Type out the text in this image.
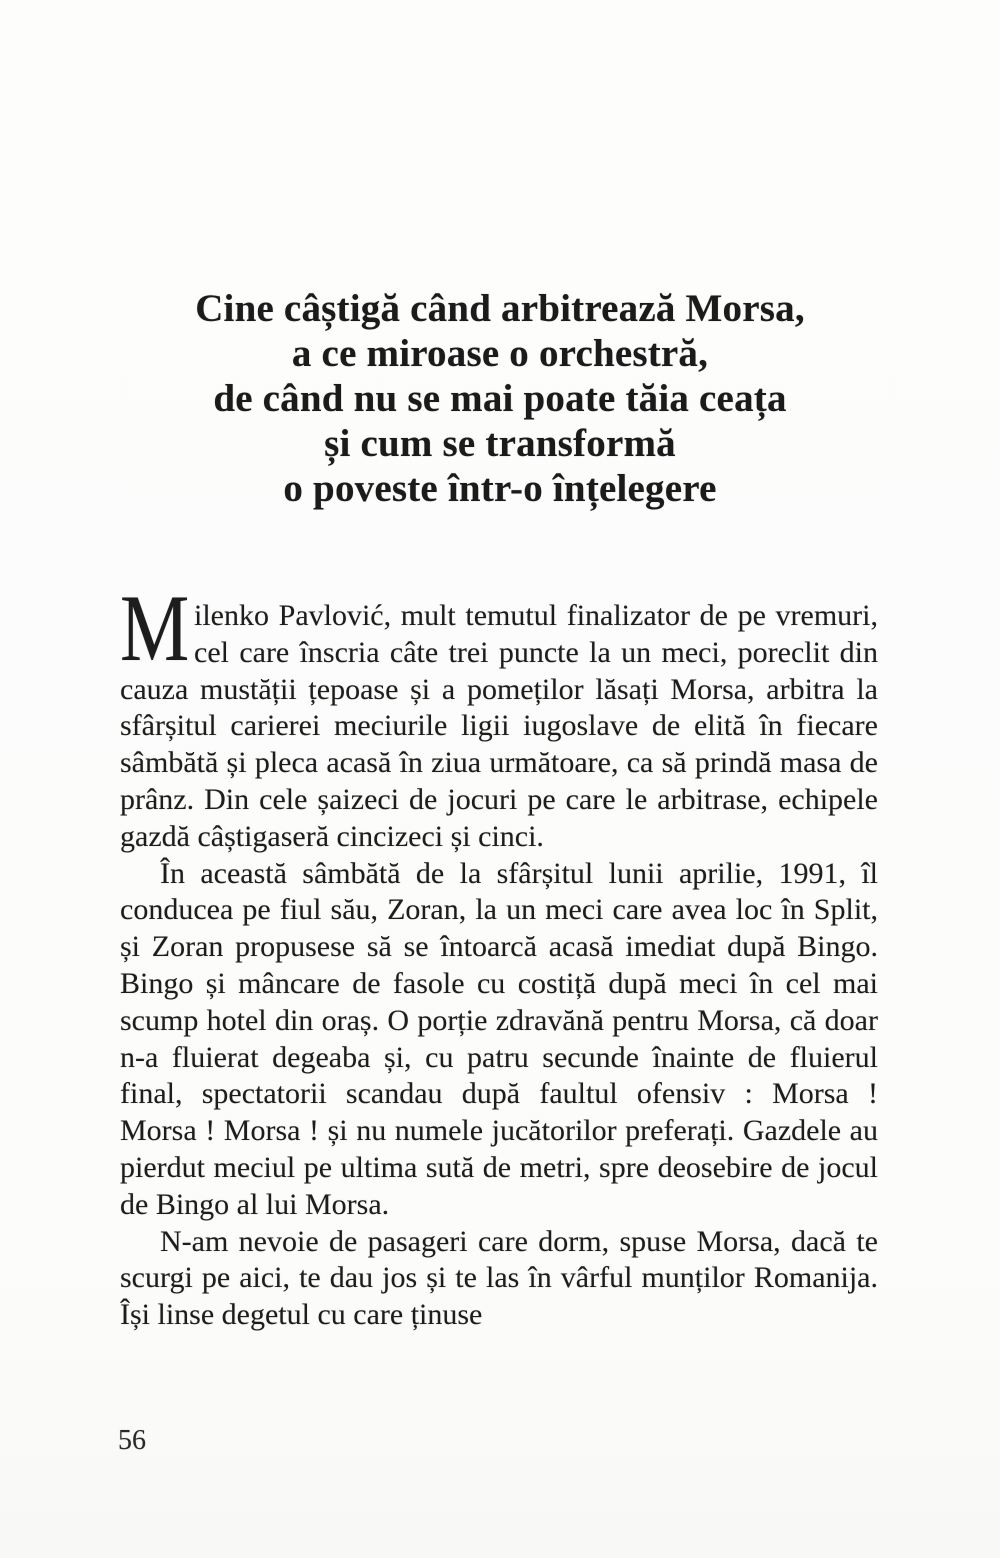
Cine câștigă când arbitrează Morsa,
a ce miroase o orchestră,
de când nu se mai poate tăia ceața
și cum se transformă
o poveste într-o înțelegere

M ilenko Pavlović, mult temutul finalizator de pe vremuri, cel care înscria câte trei puncte la un meci, poreclit din cauza mustății țepoase și a pomeților lăsați Morsa, arbitra la sfârșitul carierei meciurile ligii iugoslave de elită în fiecare sâmbătă și pleca acasă în ziua următoare, ca să prindă masa de prânz. Din cele șaizeci de jocuri pe care le arbitrase, echipele gazdă câștigaseră cincizeci și cinci.

În această sâmbătă de la sfârșitul lunii aprilie, 1991, îl conducea pe fiul său, Zoran, la un meci care avea loc în Split, și Zoran propusese să se întoarcă acasă imediat după Bingo. Bingo și mâncare de fasole cu costiță după meci în cel mai scump hotel din oraș. O porție zdravănă pentru Morsa, că doar n-a fluierat degeaba și, cu patru secunde înainte de fluierul final, spectatorii scandau după faultul ofensiv : Morsa ! Morsa ! Morsa ! și nu numele jucătorilor preferați. Gazdele au pierdut meciul pe ultima sută de metri, spre deosebire de jocul de Bingo al lui Morsa.

N-am nevoie de pasageri care dorm, spuse Morsa, dacă te scurgi pe aici, te dau jos și te las în vârful munților Romanija. Își linse degetul cu care ținuse

56
